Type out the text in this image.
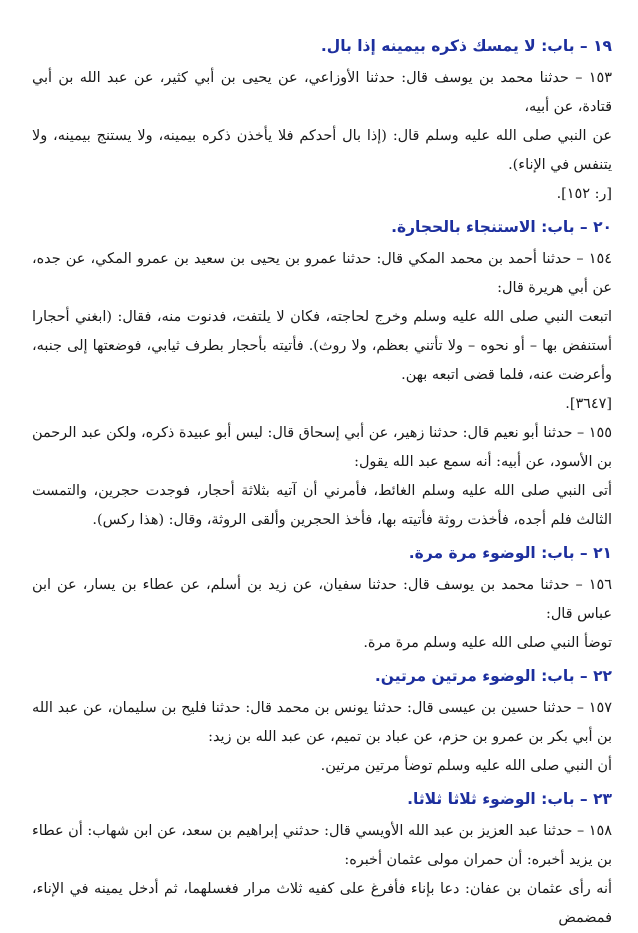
١٩ – باب: لا يمسك ذكره بيمينه إذا بال.

١٥٣ – حدثنا محمد بن يوسف قال: حدثنا الأوزاعي، عن يحيى بن أبي كثير، عن عبد الله بن أبي قتادة، عن أبيه،

عن النبي صلى الله عليه وسلم قال: (إذا بال أحدكم فلا يأخذن ذكره بيمينه، ولا يستنج بيمينه، ولا يتنفس في الإناء).

[ر: ١٥٢].

٢٠ – باب: الاستنجاء بالحجارة.

١٥٤ – حدثنا أحمد بن محمد المكي قال: حدثنا عمرو بن يحيى بن سعيد بن عمرو المكي، عن جده، عن أبي هريرة قال:

اتبعت النبي صلى الله عليه وسلم وخرج لحاجته، فكان لا يلتفت، فدنوت منه، فقال: (ابغني أحجارا أستنفض بها – أو نحوه – ولا تأتني بعظم، ولا روث). فأتيته بأحجار بطرف ثيابي، فوضعتها إلى جنبه، وأعرضت عنه، فلما قضى اتبعه بهن.

[٣٦٤٧].

١٥٥ – حدثنا أبو نعيم قال: حدثنا زهير، عن أبي إسحاق قال: ليس أبو عبيدة ذكره، ولكن عبد الرحمن بن الأسود، عن أبيه: أنه سمع عبد الله يقول:

أتى النبي صلى الله عليه وسلم الغائط، فأمرني أن آتيه بثلاثة أحجار، فوجدت حجرين، والتمست الثالث فلم أجده، فأخذت روثة فأتيته بها، فأخذ الحجرين وألقى الروثة، وقال: (هذا ركس).

٢١ – باب: الوضوء مرة مرة.

١٥٦ – حدثنا محمد بن يوسف قال: حدثنا سفيان، عن زيد بن أسلم، عن عطاء بن يسار، عن ابن عباس قال:

توضأ النبي صلى الله عليه وسلم مرة مرة.

٢٢ – باب: الوضوء مرتين مرتين.

١٥٧ – حدثنا حسين بن عيسى قال: حدثنا يونس بن محمد قال: حدثنا فليح بن سليمان، عن عبد الله بن أبي بكر بن عمرو بن حزم، عن عباد بن تميم، عن عبد الله بن زيد:

أن النبي صلى الله عليه وسلم توضأ مرتين مرتين.

٢٣ – باب: الوضوء ثلاثا ثلاثا.

١٥٨ – حدثنا عبد العزيز بن عبد الله الأويسي قال: حدثني إبراهيم بن سعد، عن ابن شهاب: أن عطاء بن يزيد أخبره: أن حمران مولى عثمان أخبره:

أنه رأى عثمان بن عفان: دعا بإناء فأفرغ على كفيه ثلاث مرار فغسلهما، ثم أدخل يمينه في الإناء، فمضمض
